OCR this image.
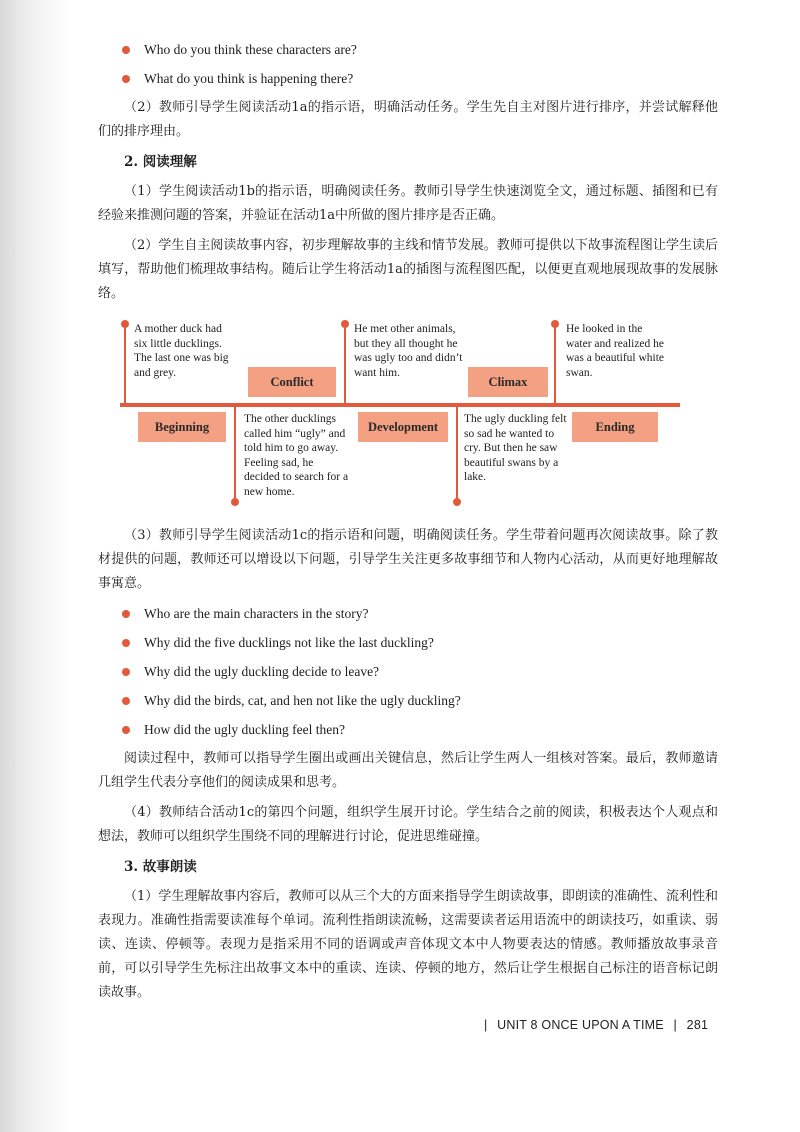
Who do you think these characters are?
What do you think is happening there?

（2）教师引导学生阅读活动1a的指示语，明确活动任务。学生先自主对图片进行排序，并尝试解释他们的排序理由。

2. 阅读理解

（1）学生阅读活动1b的指示语，明确阅读任务。教师引导学生快速浏览全文，通过标题、插图和已有经验来推测问题的答案，并验证在活动1a中所做的图片排序是否正确。

（2）学生自主阅读故事内容，初步理解故事的主线和情节发展。教师可提供以下故事流程图让学生读后填写，帮助他们梳理故事结构。随后让学生将活动1a的插图与流程图匹配，以便更直观地展现故事的发展脉络。

Beginning
Conflict
Development
Climax
Ending
A mother duck had six little ducklings. The last one was big and grey.
The other ducklings called him “ugly” and told him to go away. Feeling sad, he decided to search for a new home.
He met other animals, but they all thought he was ugly too and didn’t want him.
The ugly duckling felt so sad he wanted to cry. But then he saw beautiful swans by a lake.
He looked in the water and realized he was a beautiful white swan.

（3）教师引导学生阅读活动1c的指示语和问题，明确阅读任务。学生带着问题再次阅读故事。除了教材提供的问题，教师还可以增设以下问题，引导学生关注更多故事细节和人物内心活动，从而更好地理解故事寓意。

Who are the main characters in the story?
Why did the five ducklings not like the last duckling?
Why did the ugly duckling decide to leave?
Why did the birds, cat, and hen not like the ugly duckling?
How did the ugly duckling feel then?

阅读过程中，教师可以指导学生圈出或画出关键信息，然后让学生两人一组核对答案。最后，教师邀请几组学生代表分享他们的阅读成果和思考。

（4）教师结合活动1c的第四个问题，组织学生展开讨论。学生结合之前的阅读，积极表达个人观点和想法，教师可以组织学生围绕不同的理解进行讨论，促进思维碰撞。

3. 故事朗读

（1）学生理解故事内容后，教师可以从三个大的方面来指导学生朗读故事，即朗读的准确性、流利性和表现力。准确性指需要读准每个单词。流利性指朗读流畅，这需要读者运用语流中的朗读技巧，如重读、弱读、连读、停顿等。表现力是指采用不同的语调或声音体现文本中人物要表达的情感。教师播放故事录音前，可以引导学生先标注出故事文本中的重读、连读、停顿的地方，然后让学生根据自己标注的语音标记朗读故事。

| UNIT 8 ONCE UPON A TIME | 281
